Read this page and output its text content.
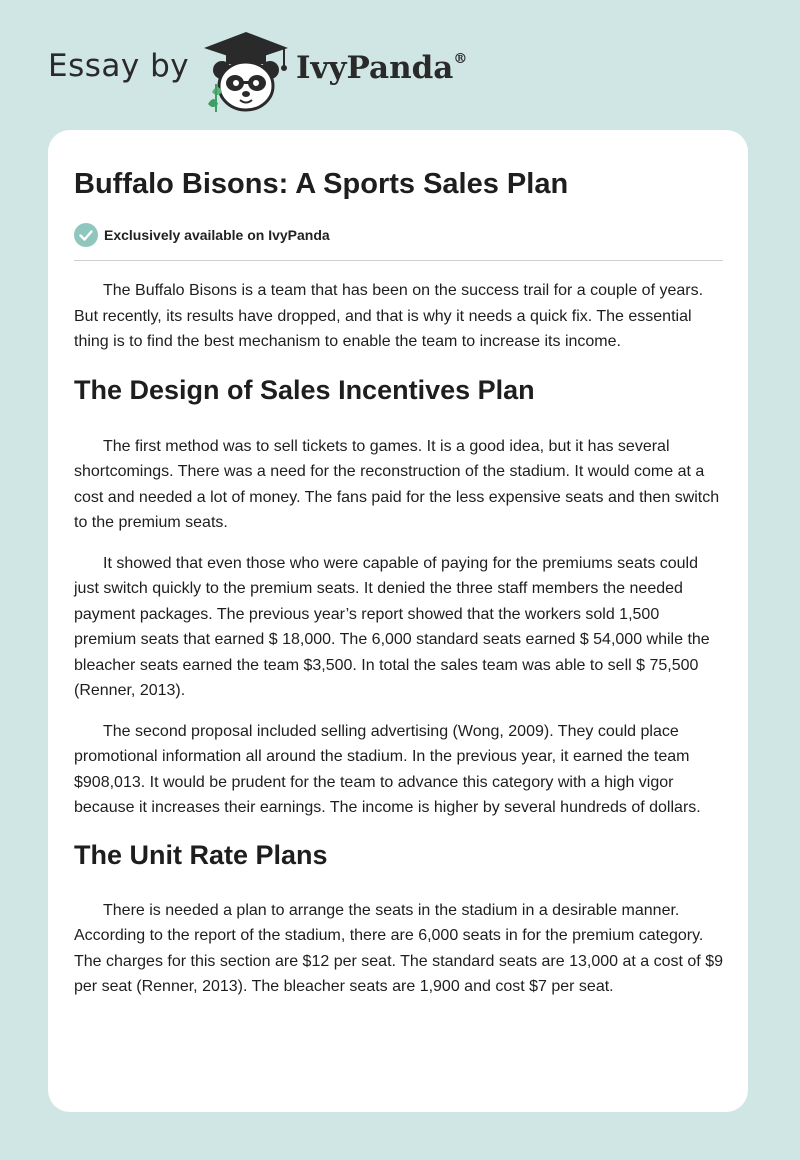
Essay by	IvyPanda®
Buffalo Bisons: A Sports Sales Plan
Exclusively available on IvyPanda

The Buffalo Bisons is a team that has been on the success trail for a couple of years. But recently, its results have dropped, and that is why it needs a quick fix. The essential thing is to find the best mechanism to enable the team to increase its income.

The Design of Sales Incentives Plan

The first method was to sell tickets to games. It is a good idea, but it has several shortcomings. There was a need for the reconstruction of the stadium. It would come at a cost and needed a lot of money. The fans paid for the less expensive seats and then switch to the premium seats.

It showed that even those who were capable of paying for the premiums seats could just switch quickly to the premium seats. It denied the three staff members the needed payment packages. The previous year’s report showed that the workers sold 1,500 premium seats that earned $ 18,000. The 6,000 standard seats earned $ 54,000 while the bleacher seats earned the team $3,500. In total the sales team was able to sell $ 75,500 (Renner, 2013).

The second proposal included selling advertising (Wong, 2009). They could place promotional information all around the stadium. In the previous year, it earned the team $908,013. It would be prudent for the team to advance this category with a high vigor because it increases their earnings. The income is higher by several hundreds of dollars.

The Unit Rate Plans

There is needed a plan to arrange the seats in the stadium in a desirable manner. According to the report of the stadium, there are 6,000 seats in for the premium category. The charges for this section are $12 per seat. The standard seats are 13,000 at a cost of $9 per seat (Renner, 2013). The bleacher seats are 1,900 and cost $7 per seat.
